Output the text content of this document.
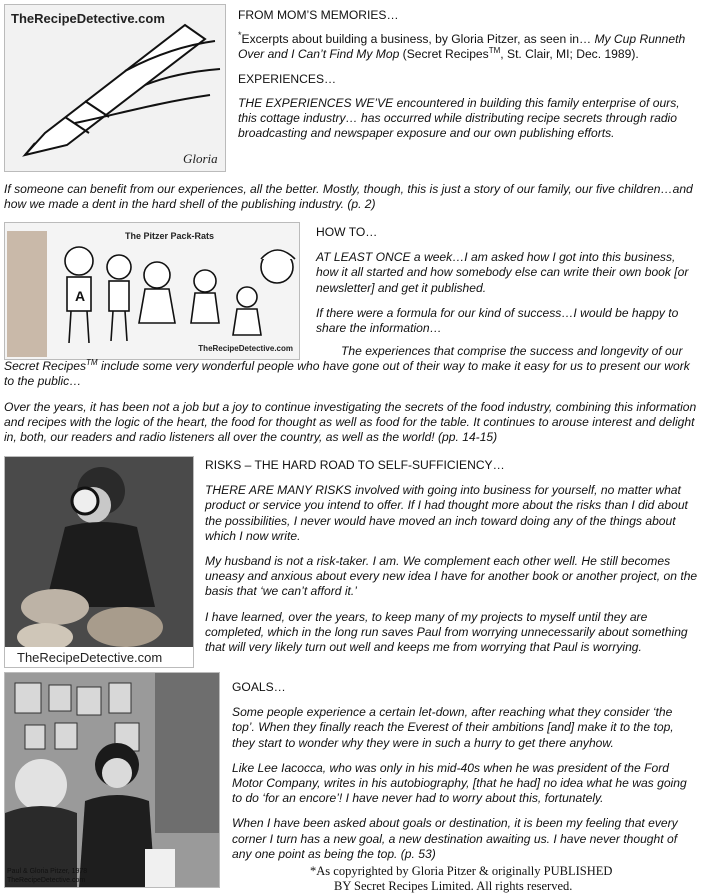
TheRecipeDetective.com
Gloria

FROM MOM’S MEMORIES…

*Excerpts about building a business, by Gloria Pitzer, as seen in… My Cup Runneth Over and I Can’t Find My Mop (Secret Recipes™, St. Clair, MI; Dec. 1989).

EXPERIENCES…

THE EXPERIENCES WE’VE encountered in building this family enterprise of ours, this cottage industry… has occurred while distributing recipe secrets through radio broadcasting and newspaper exposure and our own publishing efforts.

If someone can benefit from our experiences, all the better. Mostly, though, this is just a story of our family, our five children…and how we made a dent in the hard shell of the publishing industry. (p. 2)

The Pitzer Pack-Rats
A
TheRecipeDetective.com

HOW TO…

AT LEAST ONCE a week…I am asked how I got into this business, how it all started and how somebody else can write their own book [or newsletter] and get it published.

If there were a formula for our kind of success…I would be happy to share the information…

The experiences that comprise the success and longevity of our Secret Recipes™ include some very wonderful people who have gone out of their way to make it easy for us to present our work to the public…

Over the years, it has been not a job but a joy to continue investigating the secrets of the food industry, combining this information and recipes with the logic of the heart, the food for thought as well as food for the table. It continues to arouse interest and delight in, both, our readers and radio listeners all over the country, as well as the world! (pp. 14-15)

TheRecipeDetective.com

RISKS – THE HARD ROAD TO SELF-SUFFICIENCY…

THERE ARE MANY RISKS involved with going into business for yourself, no matter what product or service you intend to offer. If I had thought more about the risks than I did about the possibilities, I never would have moved an inch toward doing any of the things about which I now write.

My husband is not a risk-taker. I am. We complement each other well. He still becomes uneasy and anxious about every new idea I have for another book or another project, on the basis that ‘we can’t afford it.’

I have learned, over the years, to keep many of my projects to myself until they are completed, which in the long run saves Paul from worrying unnecessarily about something that will very likely turn out well and keeps me from worrying that Paul is worrying.

Paul & Gloria Pitzer, 1978
TheRecipeDetective.com

GOALS…

Some people experience a certain let-down, after reaching what they consider ‘the top’. When they finally reach the Everest of their ambitions [and] make it to the top, they start to wonder why they were in such a hurry to get there anyhow.

Like Lee Iacocca, who was only in his mid-40s when he was president of the Ford Motor Company, writes in his autobiography, [that he had] no idea what he was going to do ‘for an encore’! I have never had to worry about this, fortunately.

When I have been asked about goals or destination, it is been my feeling that every corner I turn has a new goal, a new destination awaiting us. I have never thought of any one point as being the top. (p. 53)

*As copyrighted by Gloria Pitzer & originally PUBLISHED
BY Secret Recipes Limited. All rights reserved.
